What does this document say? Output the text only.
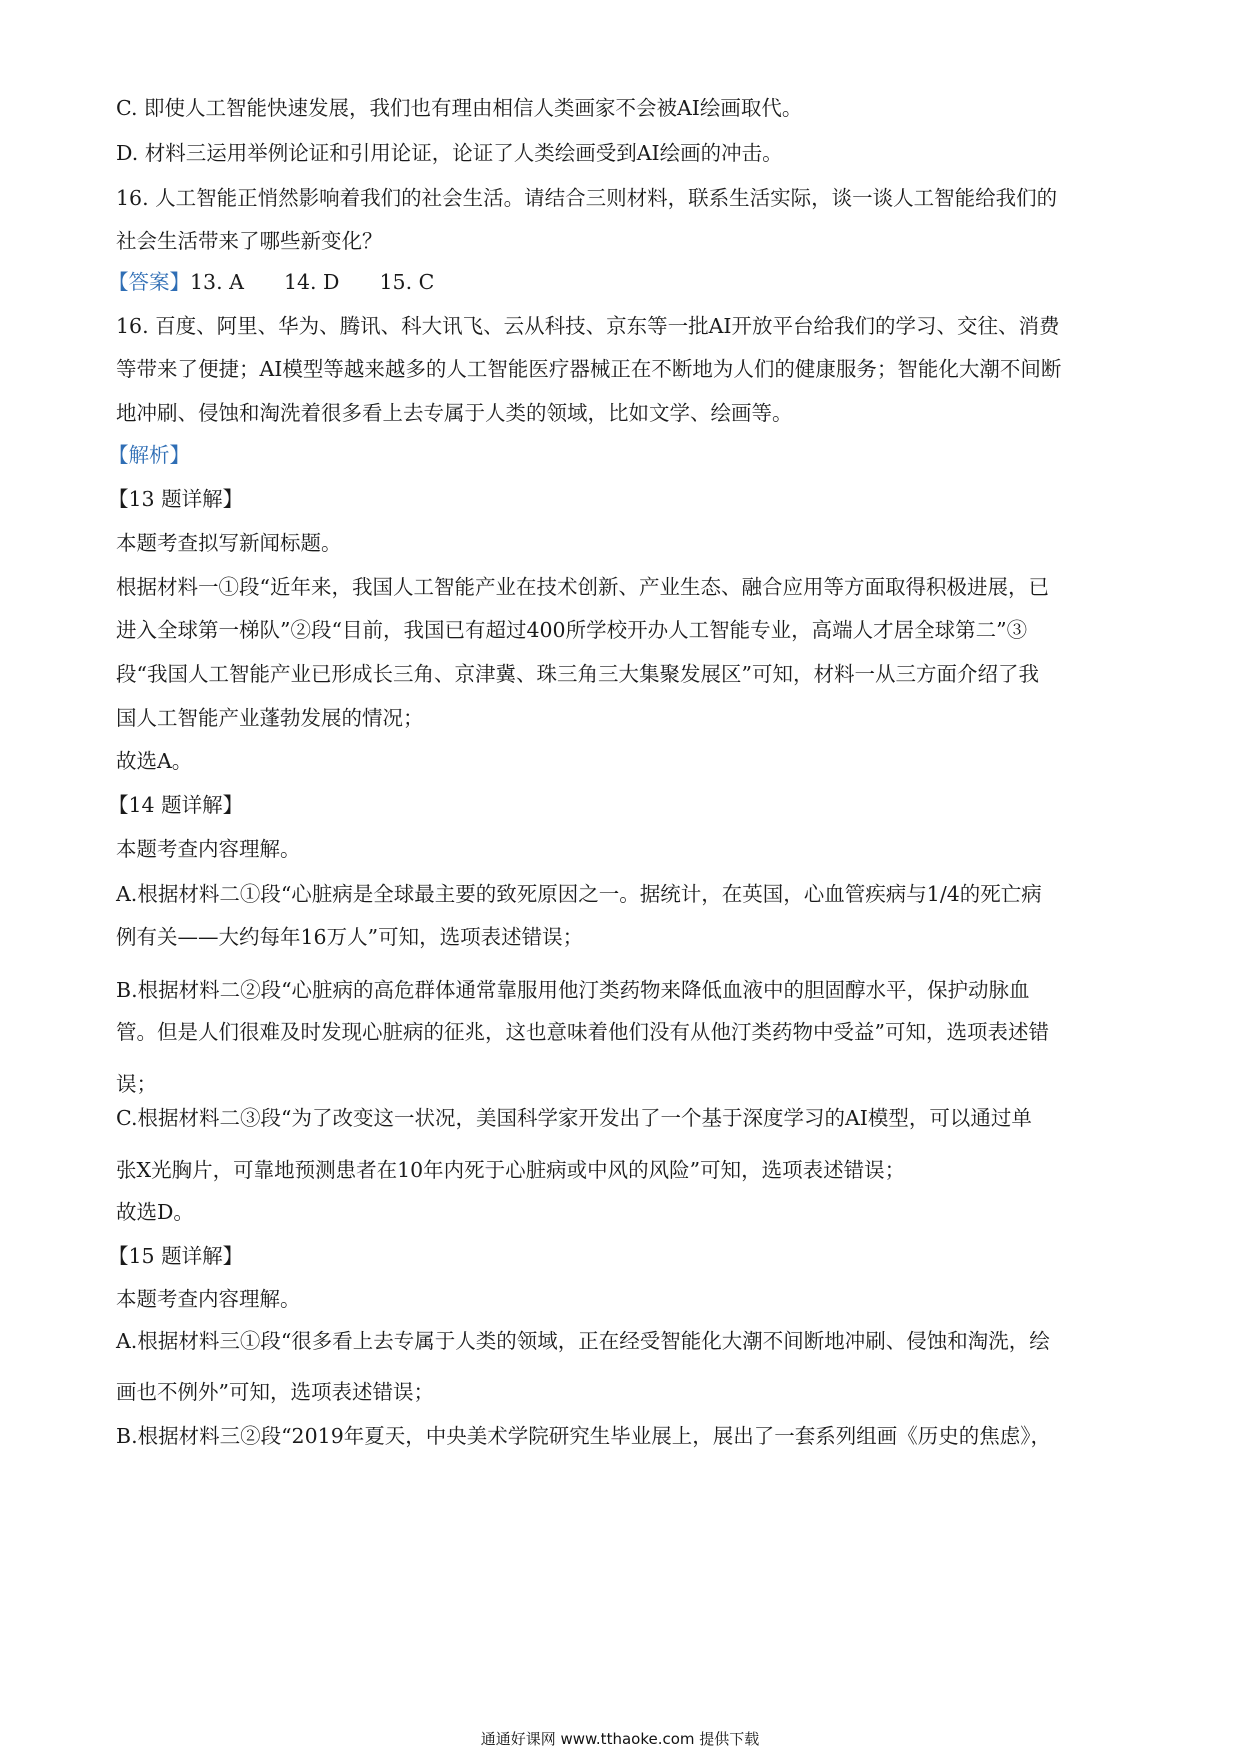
C. 即使人工智能快速发展，我们也有理由相信人类画家不会被AI绘画取代。
D. 材料三运用举例论证和引用论证，论证了人类绘画受到AI绘画的冲击。
16. 人工智能正悄然影响着我们的社会生活。请结合三则材料，联系生活实际，谈一谈人工智能给我们的
社会生活带来了哪些新变化？
【答案】13. A 14. D 15. C
16. 百度、阿里、华为、腾讯、科大讯飞、云从科技、京东等一批AI开放平台给我们的学习、交往、消费
等带来了便捷；AI模型等越来越多的人工智能医疗器械正在不断地为人们的健康服务；智能化大潮不间断
地冲刷、侵蚀和淘洗着很多看上去专属于人类的领域，比如文学、绘画等。
【解析】
【13 题详解】
本题考查拟写新闻标题。
根据材料一①段“近年来，我国人工智能产业在技术创新、产业生态、融合应用等方面取得积极进展，已
进入全球第一梯队”②段“目前，我国已有超过400所学校开办人工智能专业，高端人才居全球第二”③
段“我国人工智能产业已形成长三角、京津冀、珠三角三大集聚发展区”可知，材料一从三方面介绍了我
国人工智能产业蓬勃发展的情况；
故选A。
【14 题详解】
本题考查内容理解。
A.根据材料二①段“心脏病是全球最主要的致死原因之一。据统计，在英国，心血管疾病与1/4的死亡病
例有关——大约每年16万人”可知，选项表述错误；
B.根据材料二②段“心脏病的高危群体通常靠服用他汀类药物来降低血液中的胆固醇水平，保护动脉血
管。但是人们很难及时发现心脏病的征兆，这也意味着他们没有从他汀类药物中受益”可知，选项表述错
误；
C.根据材料二③段“为了改变这一状况，美国科学家开发出了一个基于深度学习的AI模型，可以通过单
张X光胸片，可靠地预测患者在10年内死于心脏病或中风的风险”可知，选项表述错误；
故选D。
【15 题详解】
本题考查内容理解。
A.根据材料三①段“很多看上去专属于人类的领域，正在经受智能化大潮不间断地冲刷、侵蚀和淘洗，绘
画也不例外”可知，选项表述错误；
B.根据材料三②段“2019年夏天，中央美术学院研究生毕业展上，展出了一套系列组画《历史的焦虑》，
通通好课网 www.tthaoke.com 提供下载
